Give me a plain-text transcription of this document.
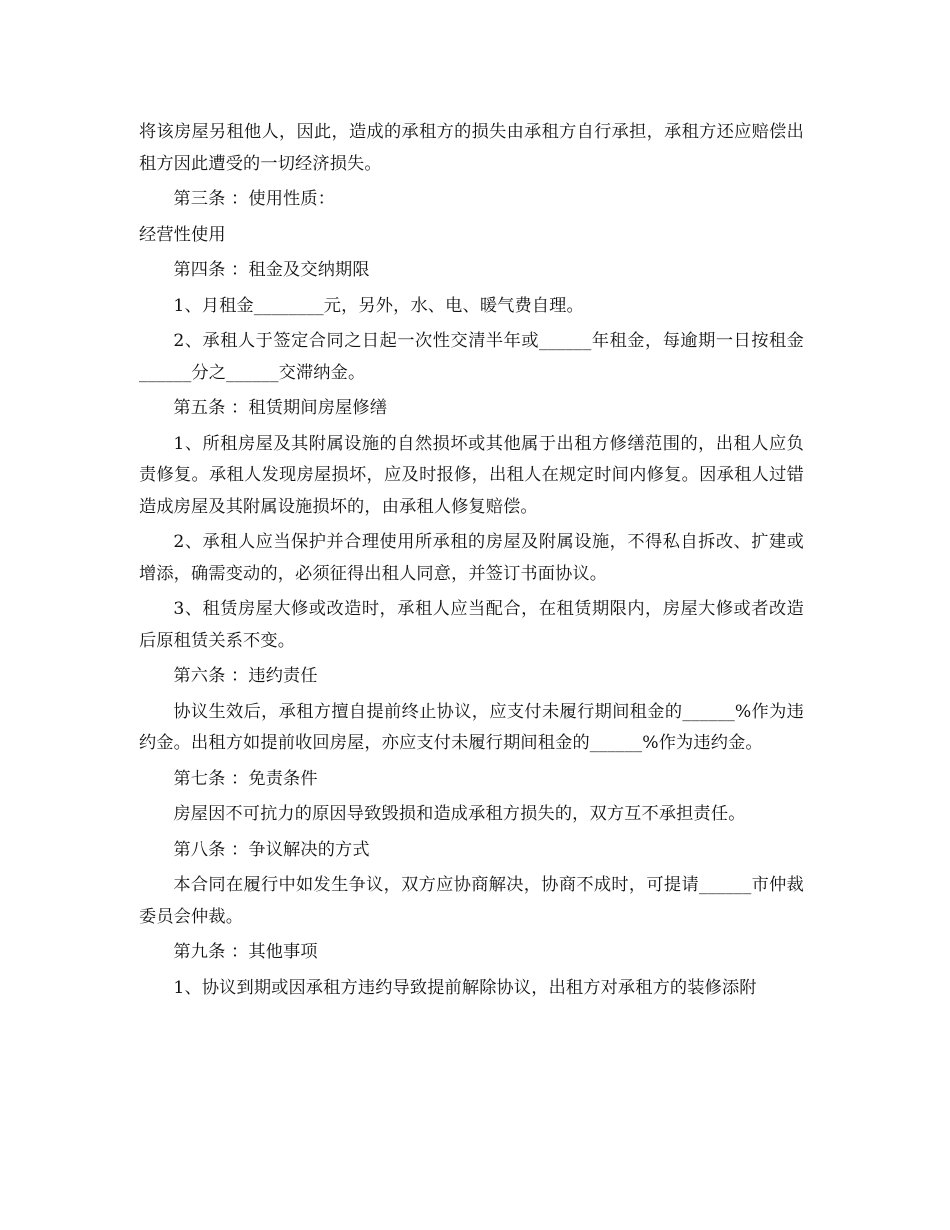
将该房屋另租他人，因此，造成的承租方的损失由承租方自行承担，承租方还应赔偿出租方因此遭受的一切经济损失。

第三条 ：使用性质：

经营性使用

第四条 ：租金及交纳期限

1、月租金________元，另外，水、电、暖气费自理。

2、承租人于签定合同之日起一次性交清半年或______年租金，每逾期一日按租金______分之______交滞纳金。

第五条 ：租赁期间房屋修缮

1、所租房屋及其附属设施的自然损坏或其他属于出租方修缮范围的，出租人应负责修复。承租人发现房屋损坏，应及时报修，出租人在规定时间内修复。因承租人过错造成房屋及其附属设施损坏的，由承租人修复赔偿。

2、承租人应当保护并合理使用所承租的房屋及附属设施，不得私自拆改、扩建或增添，确需变动的，必须征得出租人同意，并签订书面协议。

3、租赁房屋大修或改造时，承租人应当配合，在租赁期限内，房屋大修或者改造后原租赁关系不变。

第六条 ：违约责任

协议生效后，承租方擅自提前终止协议，应支付未履行期间租金的______%作为违约金。出租方如提前收回房屋，亦应支付未履行期间租金的______%作为违约金。

第七条 ：免责条件

房屋因不可抗力的原因导致毁损和造成承租方损失的，双方互不承担责任。

第八条 ：争议解决的方式

本合同在履行中如发生争议，双方应协商解决，协商不成时，可提请______市仲裁委员会仲裁。

第九条 ：其他事项

1、协议到期或因承租方违约导致提前解除协议，出租方对承租方的装修添附
